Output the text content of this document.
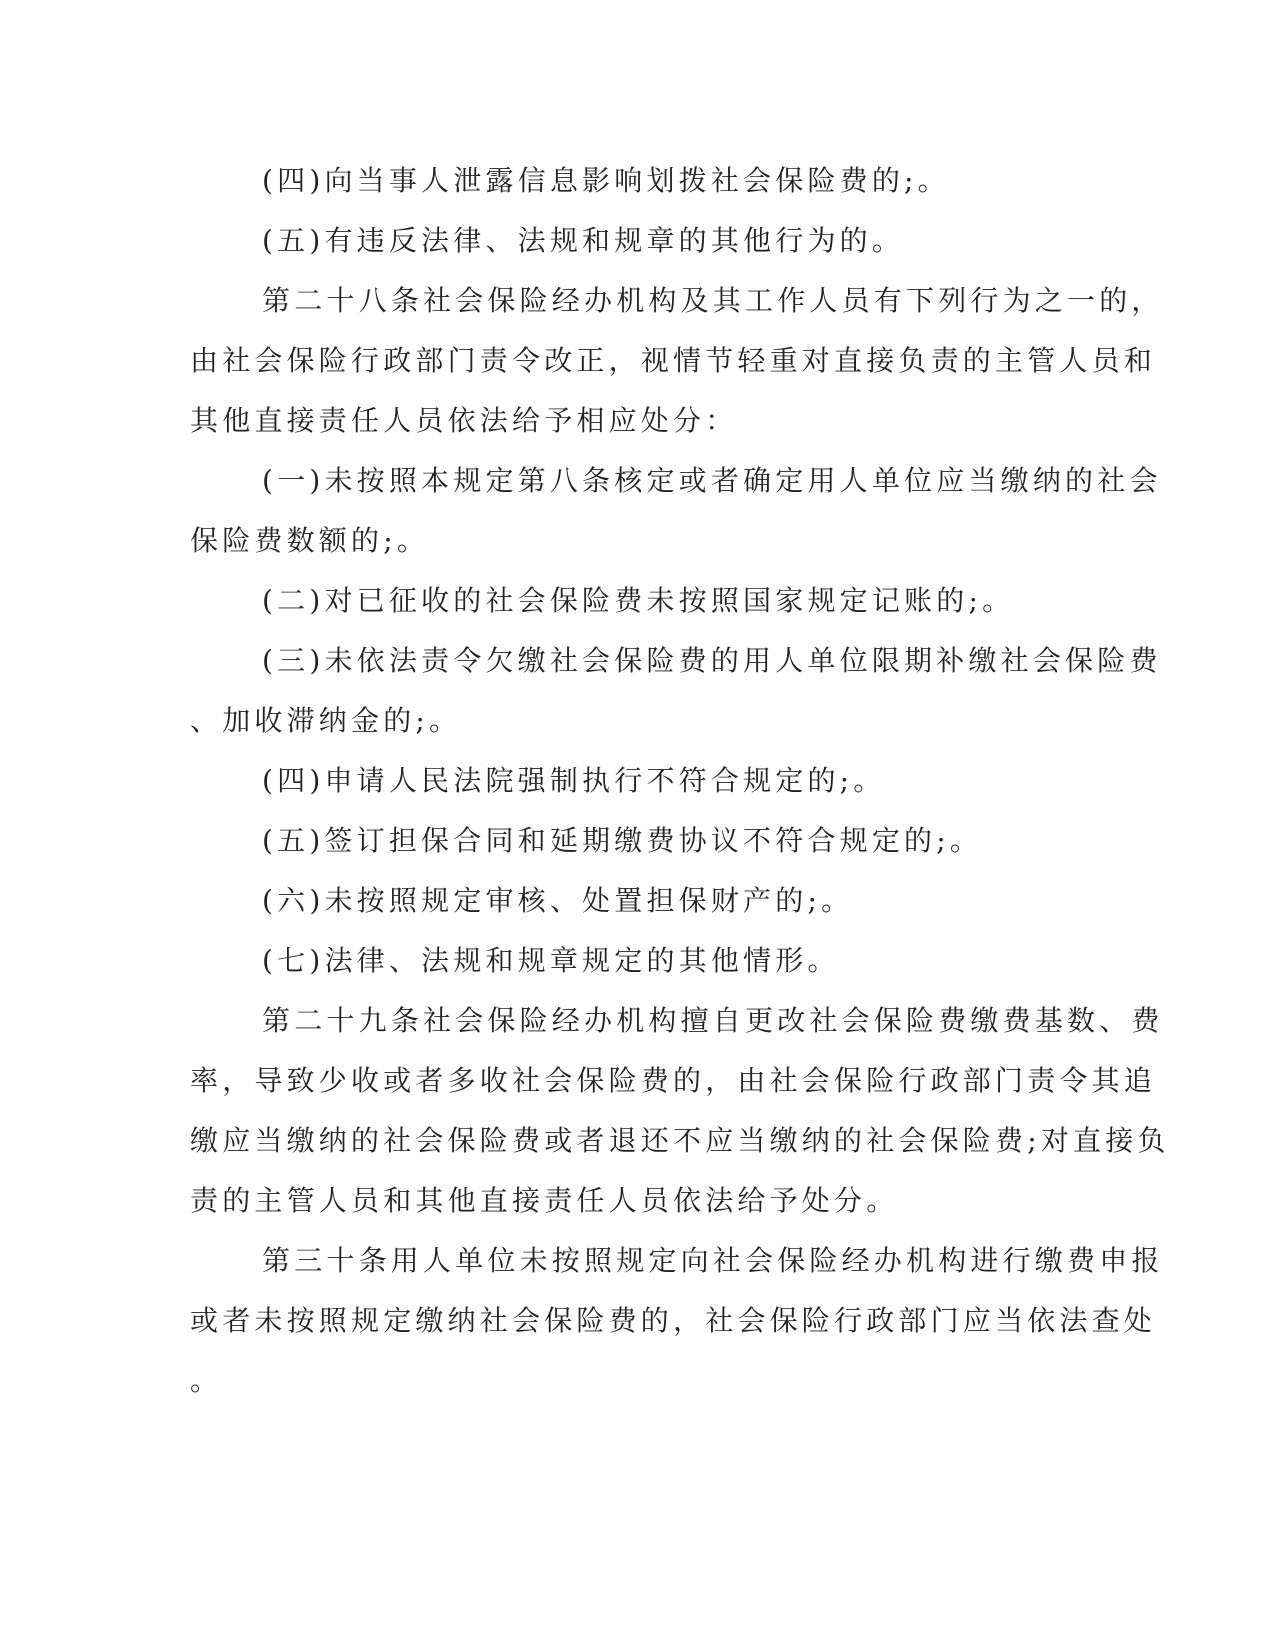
(四)向当事人泄露信息影响划拨社会保险费的;。
(五)有违反法律、法规和规章的其他行为的。
第二十八条社会保险经办机构及其工作人员有下列行为之一的，
由社会保险行政部门责令改正，视情节轻重对直接负责的主管人员和
其他直接责任人员依法给予相应处分：
(一)未按照本规定第八条核定或者确定用人单位应当缴纳的社会
保险费数额的;。
(二)对已征收的社会保险费未按照国家规定记账的;。
(三)未依法责令欠缴社会保险费的用人单位限期补缴社会保险费
、加收滞纳金的;。
(四)申请人民法院强制执行不符合规定的;。
(五)签订担保合同和延期缴费协议不符合规定的;。
(六)未按照规定审核、处置担保财产的;。
(七)法律、法规和规章规定的其他情形。
第二十九条社会保险经办机构擅自更改社会保险费缴费基数、费
率，导致少收或者多收社会保险费的，由社会保险行政部门责令其追
缴应当缴纳的社会保险费或者退还不应当缴纳的社会保险费;对直接负
责的主管人员和其他直接责任人员依法给予处分。
第三十条用人单位未按照规定向社会保险经办机构进行缴费申报
或者未按照规定缴纳社会保险费的，社会保险行政部门应当依法查处
。
